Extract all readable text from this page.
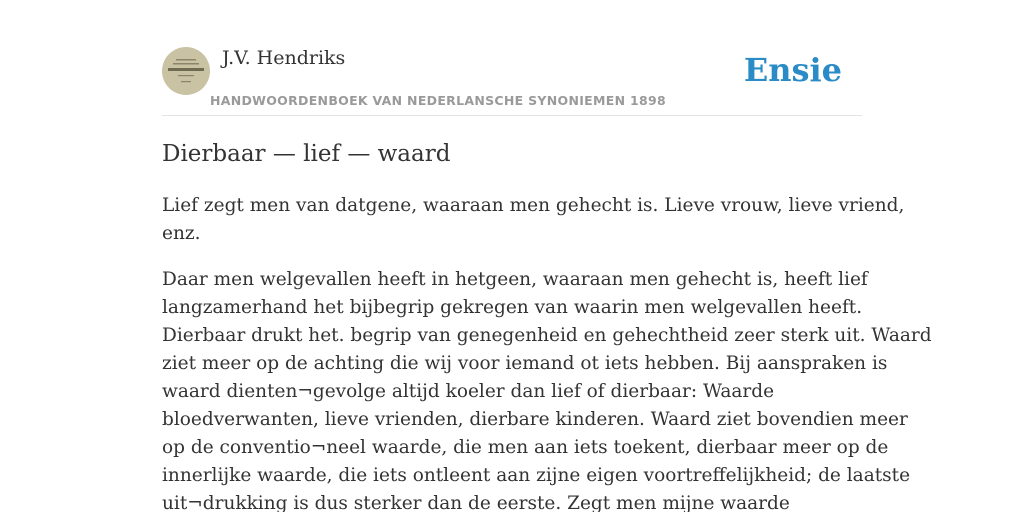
J.V. Hendriks
HANDWOORDENBOEK VAN NEDERLANSCHE SYNONIEMEN 1898
Ensie
Dierbaar — lief — waard

Lief zegt men van datgene, waaraan men gehecht is. Lieve vrouw, lieve vriend,
enz.

Daar men welgevallen heeft in hetgeen, waaraan men gehecht is, heeft lief
langzamerhand het bijbegrip gekregen van waarin men welgevallen heeft.
Dierbaar drukt het. begrip van genegenheid en gehechtheid zeer sterk uit. Waard
ziet meer op de achting die wij voor iemand ot iets hebben. Bij aanspraken is
waard dienten¬gevolge altijd koeler dan lief of dierbaar: Waarde
bloedverwanten, lieve vrienden, dierbare kinderen. Waard ziet bovendien meer
op de conventio¬neel waarde, die men aan iets toekent, dierbaar meer op de
innerlijke waarde, die iets ontleent aan zijne eigen voortreffelijkheid; de laatste
uit¬drukking is dus sterker dan de eerste. Zegt men mijne waarde
